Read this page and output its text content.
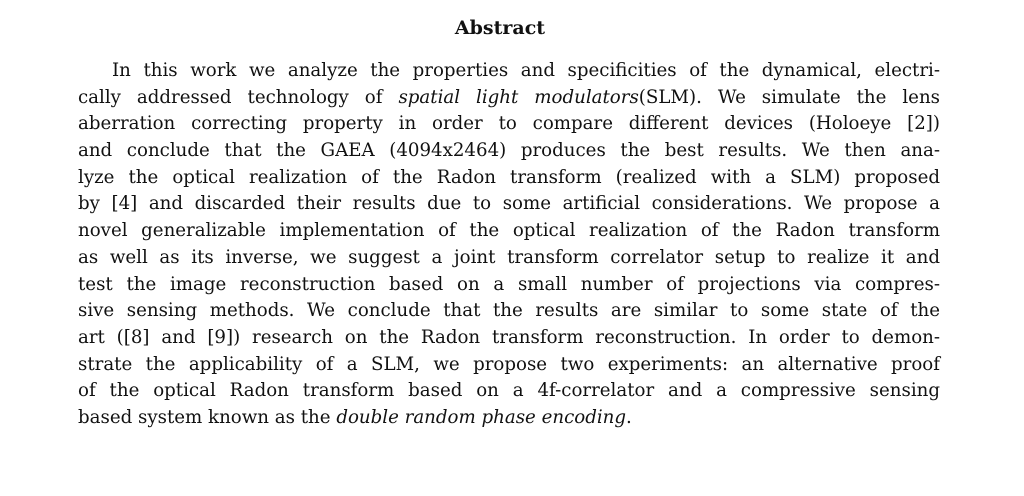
Abstract
In this work we analyze the properties and specificities of the dynamical, electri-
cally addressed technology of spatial light modulators(SLM). We simulate the lens
aberration correcting property in order to compare different devices (Holoeye [2])
and conclude that the GAEA (4094x2464) produces the best results. We then ana-
lyze the optical realization of the Radon transform (realized with a SLM) proposed
by [4] and discarded their results due to some artificial considerations. We propose a
novel generalizable implementation of the optical realization of the Radon transform
as well as its inverse, we suggest a joint transform correlator setup to realize it and
test the image reconstruction based on a small number of projections via compres-
sive sensing methods. We conclude that the results are similar to some state of the
art ([8] and [9]) research on the Radon transform reconstruction. In order to demon-
strate the applicability of a SLM, we propose two experiments: an alternative proof
of the optical Radon transform based on a 4f-correlator and a compressive sensing
based system known as the double random phase encoding.
